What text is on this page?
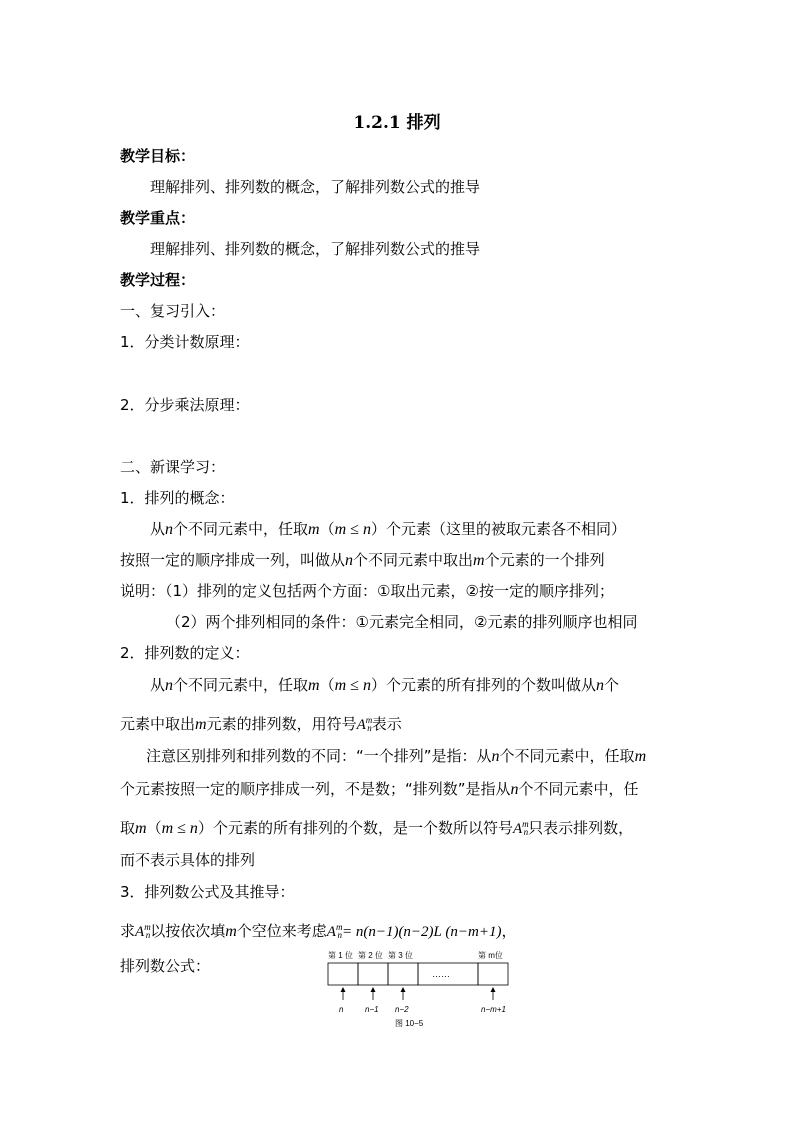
1.2.1 排列
教学目标：
理解排列、排列数的概念，了解排列数公式的推导
教学重点：
理解排列、排列数的概念，了解排列数公式的推导
教学过程：
一、复习引入：
1．分类计数原理：
2．分步乘法原理：
二、新课学习：
1．排列的概念：
从n个不同元素中，任取m（m ≤ n）个元素（这里的被取元素各不相同）
按照一定的顺序排成一列，叫做从n个不同元素中取出m个元素的一个排列
说明：（1）排列的定义包括两个方面：①取出元素，②按一定的顺序排列；
（2）两个排列相同的条件：①元素完全相同，②元素的排列顺序也相同
2．排列数的定义：
从n个不同元素中，任取m（m ≤ n）个元素的所有排列的个数叫做从n个
元素中取出m元素的排列数，用符号$A^m_n$表示
注意区别排列和排列数的不同：“一个排列”是指：从n个不同元素中，任取m
个元素按照一定的顺序排成一列，不是数；“排列数”是指从n个不同元素中，任
取m（m ≤ n）个元素的所有排列的个数，是一个数所以符号$A^m_n$只表示排列数，
而不表示具体的排列
3．排列数公式及其推导：
求$A^m_n$以按依次填m个空位来考虑$A^m_n= n(n-1)(n-2)L$ (n−m+1)，
排列数公式：
第 1 位 第 2 位 第 3 位	第 m位
……
n	n−1 n−2	n−m+1
图 10−5
